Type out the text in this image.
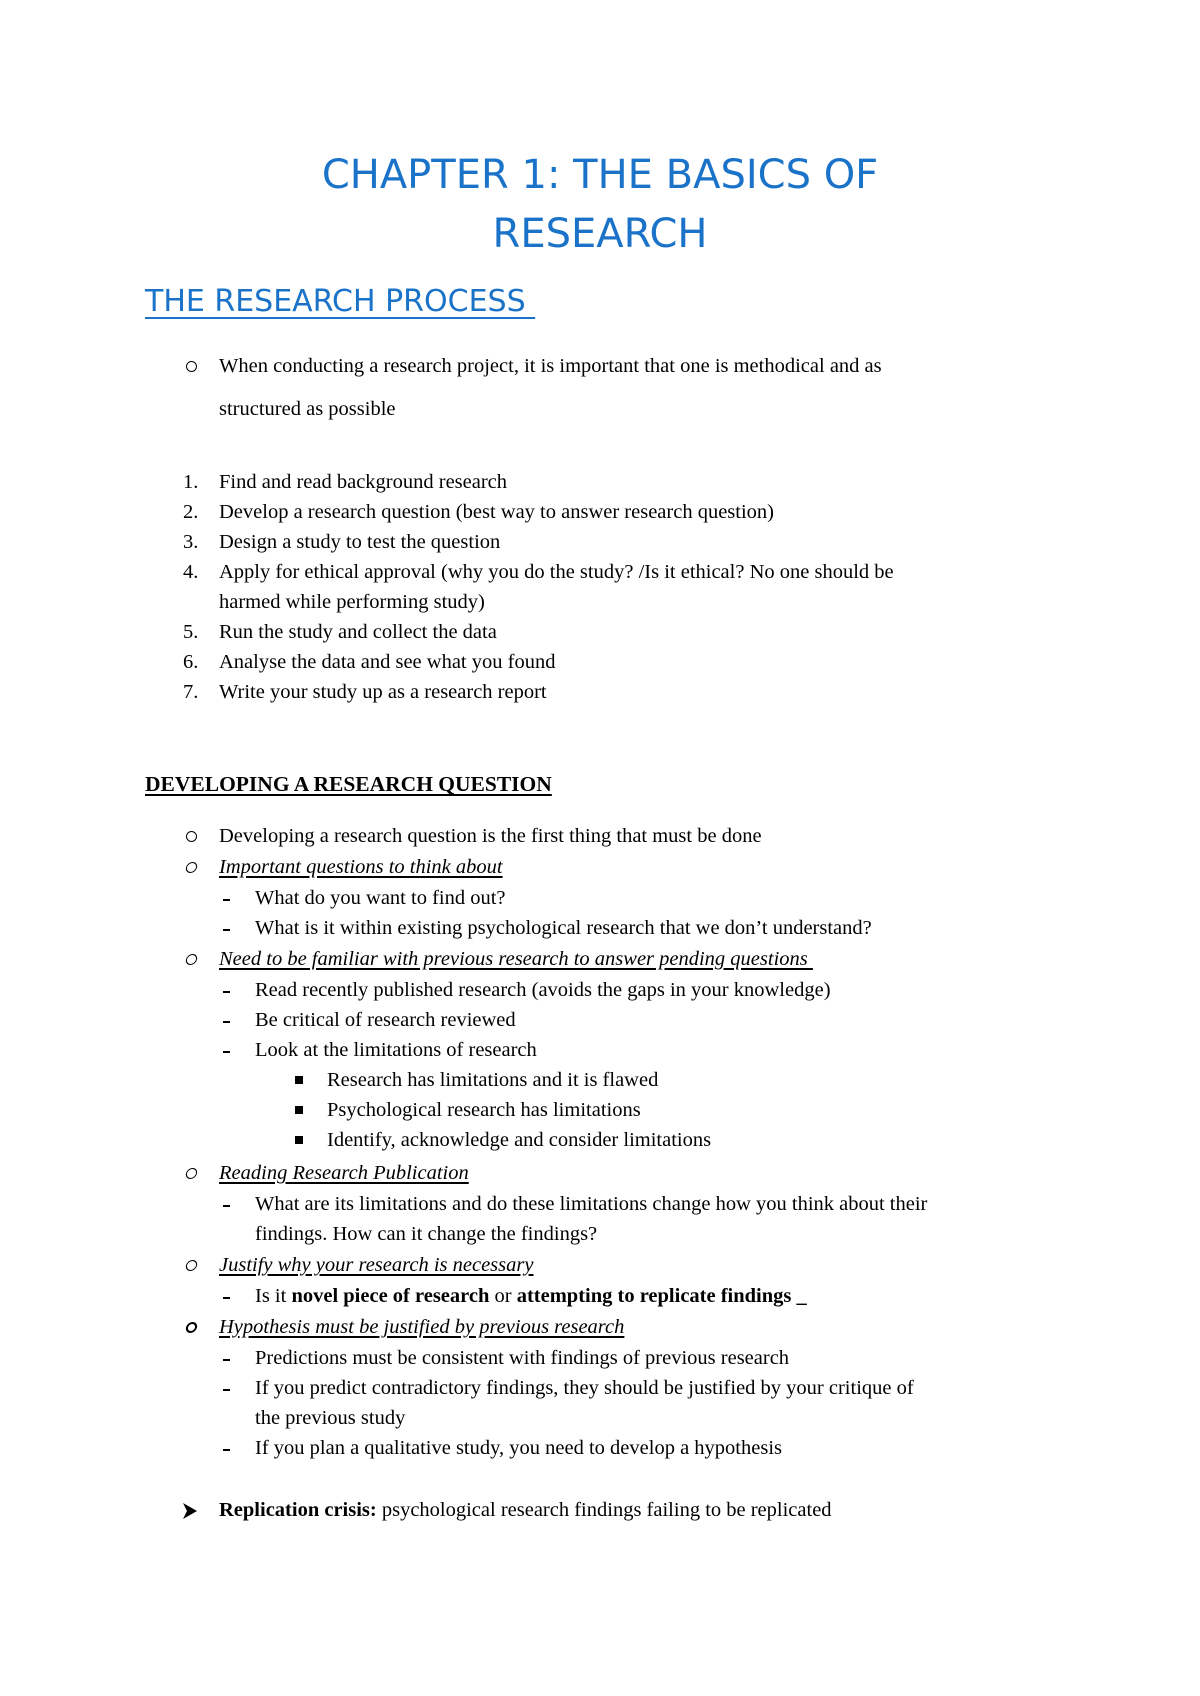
CHAPTER 1: THE BASICS OF
RESEARCH
THE RESEARCH PROCESS
When conducting a research project, it is important that one is methodical and as
structured as possible
1. Find and read background research
2. Develop a research question (best way to answer research question)
3. Design a study to test the question
4. Apply for ethical approval (why you do the study? /Is it ethical? No one should be
harmed while performing study)
5. Run the study and collect the data
6. Analyse the data and see what you found
7. Write your study up as a research report
DEVELOPING A RESEARCH QUESTION
Developing a research question is the first thing that must be done
Important questions to think about
What do you want to find out?
What is it within existing psychological research that we don’t understand?
Need to be familiar with previous research to answer pending questions
Read recently published research (avoids the gaps in your knowledge)
Be critical of research reviewed
Look at the limitations of research
Research has limitations and it is flawed
Psychological research has limitations
Identify, acknowledge and consider limitations
Reading Research Publication
What are its limitations and do these limitations change how you think about their
findings. How can it change the findings?
Justify why your research is necessary
Is it novel piece of research or attempting to replicate findings _
Hypothesis must be justified by previous research
Predictions must be consistent with findings of previous research
If you predict contradictory findings, they should be justified by your critique of
the previous study
If you plan a qualitative study, you need to develop a hypothesis
Replication crisis: psychological research findings failing to be replicated
